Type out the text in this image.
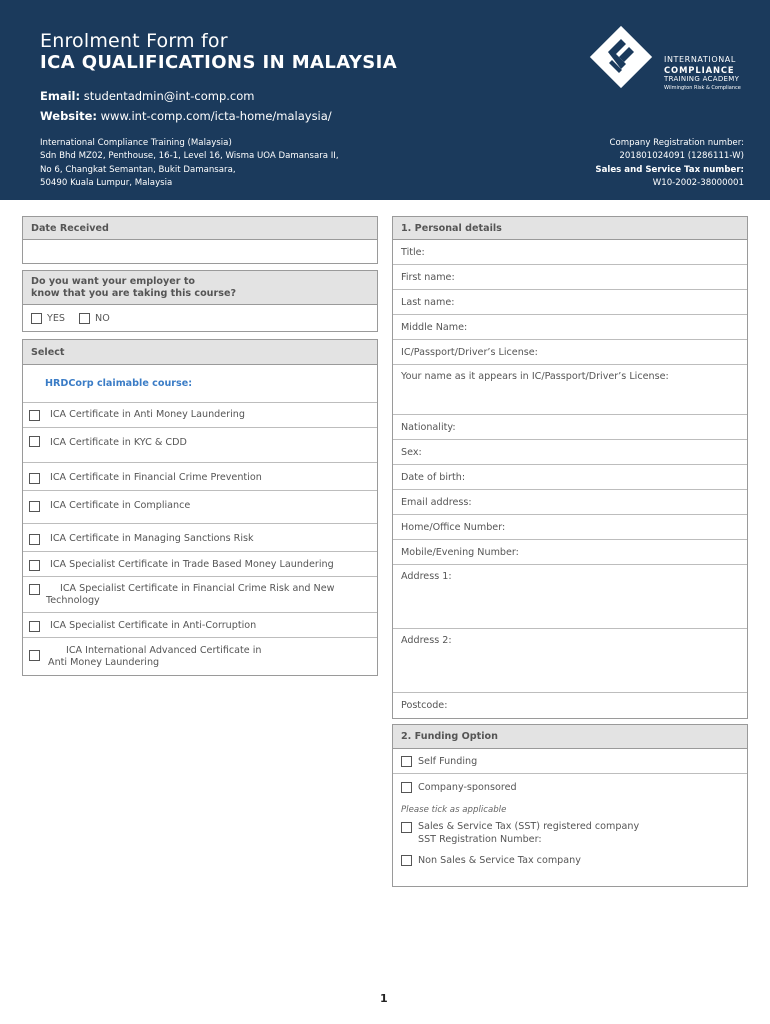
Enrolment Form for
ICA QUALIFICATIONS IN MALAYSIA
Email: studentadmin@int-comp.com
Website: www.int-comp.com/icta-home/malaysia/
International Compliance Training (Malaysia)
Sdn Bhd MZ02, Penthouse, 16-1, Level 16, Wisma UOA Damansara II,
No 6, Changkat Semantan, Bukit Damansara,
50490 Kuala Lumpur, Malaysia
Company Registration number:
201801024091 (1286111-W)
Sales and Service Tax number:
W10-2002-38000001
INTERNATIONAL
COMPLIANCE
TRAINING ACADEMY
Wilmington Risk & Compliance
Date Received
Do you want your employer to
know that you are taking this course?
YES	NO
Select
HRDCorp claimable course:
ICA Certificate in Anti Money Laundering
ICA Certificate in KYC & CDD
ICA Certificate in Financial Crime Prevention
ICA Certificate in Compliance
ICA Certificate in Managing Sanctions Risk
ICA Specialist Certificate in Trade Based Money Laundering
ICA Specialist Certificate in Financial Crime Risk and New
Technology
ICA Specialist Certificate in Anti-Corruption
ICA International Advanced Certificate in
Anti Money Laundering
1. Personal details
Title:
First name:
Last name:
Middle Name:
IC/Passport/Driver’s License:
Your name as it appears in IC/Passport/Driver’s License:
Nationality:
Sex:
Date of birth:
Email address:
Home/Office Number:
Mobile/Evening Number:
Address 1:
Address 2:
Postcode:
2. Funding Option
Self Funding
Company-sponsored
Please tick as applicable
Sales & Service Tax (SST) registered company
SST Registration Number:
Non Sales & Service Tax company
1
